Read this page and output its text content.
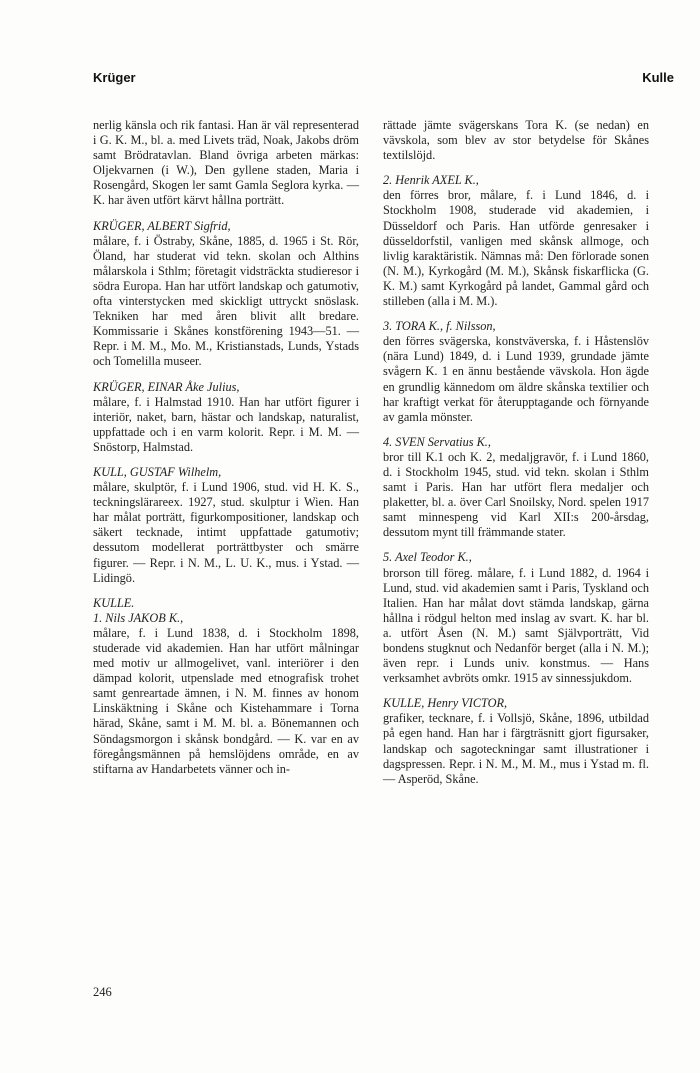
Krüger	Kulle

nerlig känsla och rik fantasi. Han är väl representerad i G. K. M., bl. a. med Livets träd, Noak, Jakobs dröm samt Brödratavlan. Bland övriga arbeten märkas: Oljekvarnen (i W.), Den gyllene staden, Maria i Rosengård, Skogen ler samt Gamla Seglora kyrka. — K. har även utfört kärvt hållna porträtt.

KRÜGER, ALBERT Sigfrid,
målare, f. i Östraby, Skåne, 1885, d. 1965 i St. Rör, Öland, har studerat vid tekn. skolan och Althins målarskola i Sthlm; företagit vidsträckta studieresor i södra Europa. Han har utfört landskap och gatumotiv, ofta vinterstycken med skickligt uttryckt snöslask. Tekniken har med åren blivit allt bredare. Kommissarie i Skånes konstförening 1943—51. — Repr. i M. M., Mo. M., Kristianstads, Lunds, Ystads och Tomelilla museer.

KRÜGER, EINAR Åke Julius,
målare, f. i Halmstad 1910. Han har utfört figurer i interiör, naket, barn, hästar och landskap, naturalist, uppfattade och i en varm kolorit. Repr. i M. M. — Snöstorp, Halmstad.

KULL, GUSTAF Wilhelm,
målare, skulptör, f. i Lund 1906, stud. vid H. K. S., teckningslärareex. 1927, stud. skulptur i Wien. Han har målat porträtt, figurkompositioner, landskap och säkert tecknade, intimt uppfattade gatumotiv; dessutom modellerat porträttbyster och smärre figurer. — Repr. i N. M., L. U. K., mus. i Ystad. — Lidingö.

KULLE.
1. Nils JAKOB K.,
målare, f. i Lund 1838, d. i Stockholm 1898, studerade vid akademien. Han har utfört målningar med motiv ur allmogelivet, vanl. interiörer i den dämpad kolorit, utpenslade med etnografisk trohet samt genreartade ämnen, i N. M. finnes av honom Linskäktning i Skåne och Kistehammare i Torna härad, Skåne, samt i M. M. bl. a. Bönemannen och Söndagsmorgon i skånsk bondgård. — K. var en av föregångsmännen på hemslöjdens område, en av stiftarna av Handarbetets vänner och in-

rättade jämte svägerskans Tora K. (se nedan) en vävskola, som blev av stor betydelse för Skånes textilslöjd.

2. Henrik AXEL K.,
den förres bror, målare, f. i Lund 1846, d. i Stockholm 1908, studerade vid akademien, i Düsseldorf och Paris. Han utförde genresaker i düsseldorfstil, vanligen med skånsk allmoge, och livlig karaktäristik. Nämnas må: Den förlorade sonen (N. M.), Kyrkogård (M. M.), Skånsk fiskarflicka (G. K. M.) samt Kyrkogård på landet, Gammal gård och stilleben (alla i M. M.).

3. TORA K., f. Nilsson,
den förres svägerska, konstväverska, f. i Håstenslöv (nära Lund) 1849, d. i Lund 1939, grundade jämte svågern K. 1 en ännu bestående vävskola. Hon ägde en grundlig kännedom om äldre skånska textilier och har kraftigt verkat för återupptagande och förnyande av gamla mönster.

4. SVEN Servatius K.,
bror till K.1 och K. 2, medaljgravör, f. i Lund 1860, d. i Stockholm 1945, stud. vid tekn. skolan i Sthlm samt i Paris. Han har utfört flera medaljer och plaketter, bl. a. över Carl Snoilsky, Nord. spelen 1917 samt minnespeng vid Karl XII:s 200-årsdag, dessutom mynt till främmande stater.

5. Axel Teodor K.,
brorson till föreg. målare, f. i Lund 1882, d. 1964 i Lund, stud. vid akademien samt i Paris, Tyskland och Italien. Han har målat dovt stämda landskap, gärna hållna i rödgul helton med inslag av svart. K. har bl. a. utfört Åsen (N. M.) samt Självporträtt, Vid bondens stugknut och Nedanför berget (alla i N. M.); även repr. i Lunds univ. konstmus. — Hans verksamhet avbröts omkr. 1915 av sinnessjukdom.

KULLE, Henry VICTOR,
grafiker, tecknare, f. i Vollsjö, Skåne, 1896, utbildad på egen hand. Han har i färgträsnitt gjort figursaker, landskap och sagoteckningar samt illustrationer i dagspressen. Repr. i N. M., M. M., mus i Ystad m. fl. — Asperöd, Skåne.

246
